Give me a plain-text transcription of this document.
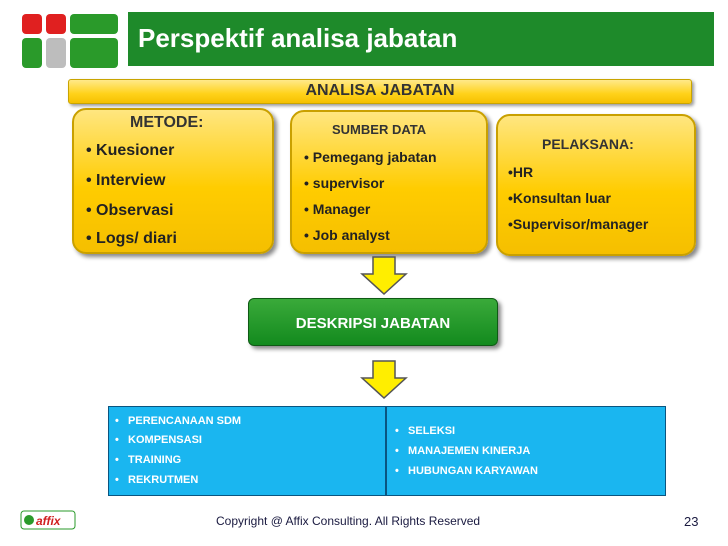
Perspektif analisa jabatan
ANALISA JABATAN
METODE:
• Kuesioner
• Interview
• Observasi
• Logs/ diari
SUMBER DATA
• Pemegang jabatan
• supervisor
• Manager
• Job analyst
PELAKSANA:
•HR
•Konsultan luar
•Supervisor/manager
DESKRIPSI JABATAN
•   PERENCANAAN SDM
•   KOMPENSASI
•   TRAINING
•   REKRUTMEN
•   SELEKSI
•   MANAJEMEN KINERJA
•   HUBUNGAN KARYAWAN
affix	Copyright @ Affix Consulting. All Rights Reserved	23
